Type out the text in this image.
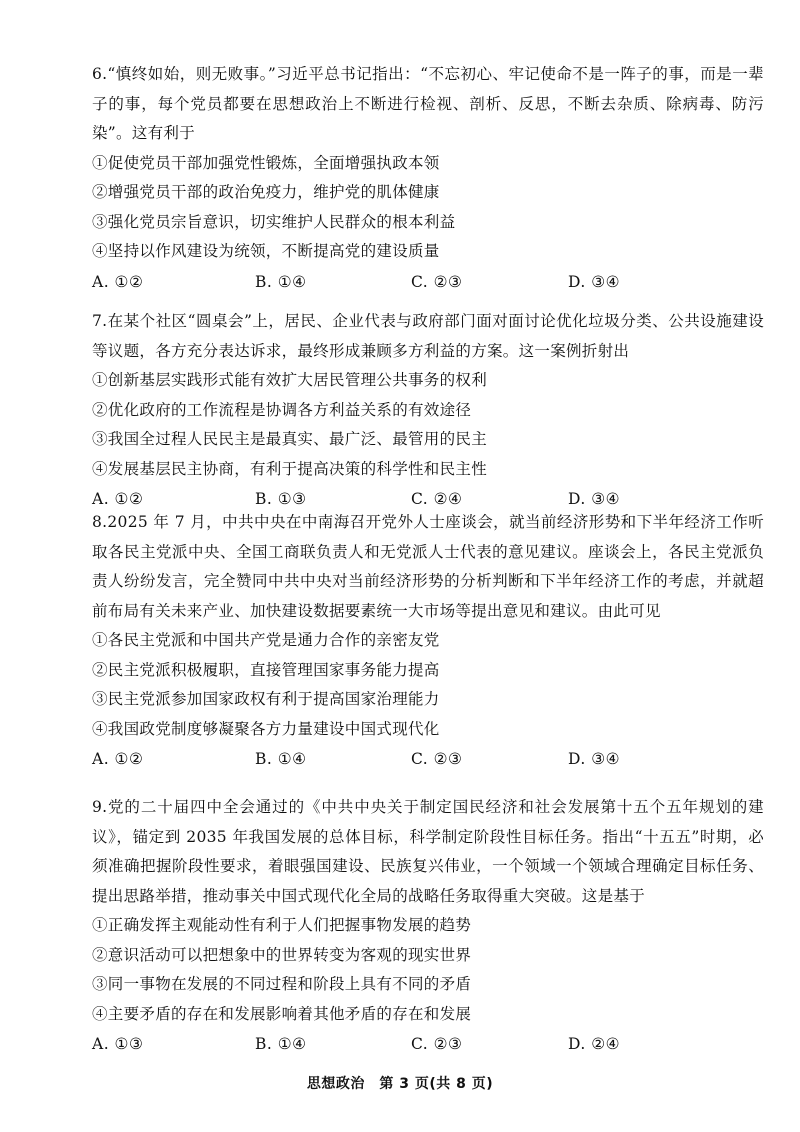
6.“慎终如始，则无败事。”习近平总书记指出：“不忘初心、牢记使命不是一阵子的事，而是一辈子的事，每个党员都要在思想政治上不断进行检视、剖析、反思，不断去杂质、除病毒、防污染”。这有利于

①促使党员干部加强党性锻炼，全面增强执政本领

②增强党员干部的政治免疫力，维护党的肌体健康

③强化党员宗旨意识，切实维护人民群众的根本利益

④坚持以作风建设为统领，不断提高党的建设质量

A. ①②	B. ①④	C. ②③	D. ③④

7.在某个社区“圆桌会”上，居民、企业代表与政府部门面对面讨论优化垃圾分类、公共设施建设等议题，各方充分表达诉求，最终形成兼顾多方利益的方案。这一案例折射出

①创新基层实践形式能有效扩大居民管理公共事务的权利

②优化政府的工作流程是协调各方利益关系的有效途径

③我国全过程人民民主是最真实、最广泛、最管用的民主

④发展基层民主协商，有利于提高决策的科学性和民主性

A. ①②	B. ①③	C. ②④	D. ③④

8.2025 年 7 月，中共中央在中南海召开党外人士座谈会，就当前经济形势和下半年经济工作听取各民主党派中央、全国工商联负责人和无党派人士代表的意见建议。座谈会上，各民主党派负责人纷纷发言，完全赞同中共中央对当前经济形势的分析判断和下半年经济工作的考虑，并就超前布局有关未来产业、加快建设数据要素统一大市场等提出意见和建议。由此可见

①各民主党派和中国共产党是通力合作的亲密友党

②民主党派积极履职，直接管理国家事务能力提高

③民主党派参加国家政权有利于提高国家治理能力

④我国政党制度够凝聚各方力量建设中国式现代化

A. ①②	B. ①④	C. ②③	D. ③④

9.党的二十届四中全会通过的《中共中央关于制定国民经济和社会发展第十五个五年规划的建议》，锚定到 2035 年我国发展的总体目标，科学制定阶段性目标任务。指出“十五五”时期，必须准确把握阶段性要求，着眼强国建设、民族复兴伟业，一个领域一个领域合理确定目标任务、提出思路举措，推动事关中国式现代化全局的战略任务取得重大突破。这是基于

①正确发挥主观能动性有利于人们把握事物发展的趋势

②意识活动可以把想象中的世界转变为客观的现实世界

③同一事物在发展的不同过程和阶段上具有不同的矛盾

④主要矛盾的存在和发展影响着其他矛盾的存在和发展

A. ①③	B. ①④	C. ②③	D. ②④
思想政治　第 3 页(共 8 页)
